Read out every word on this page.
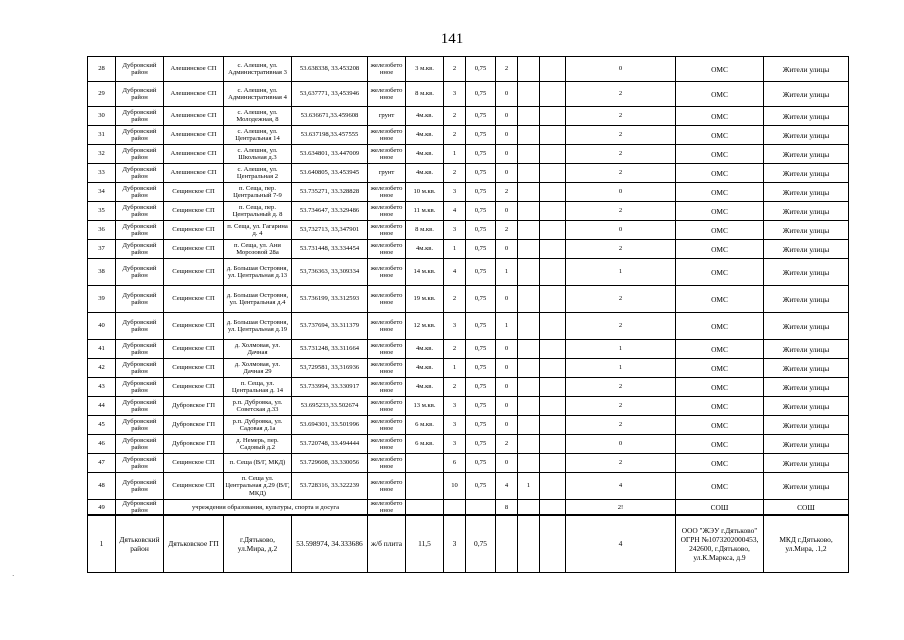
141
28	Дубровский район	Алешинское СП	с. Алешня, ул. Административная 3	53.638338, 33.453208	железобетонное	3 м.кв.	2	0,75	2			0	ОМС	Жители улицы
29	Дубровский район	Алешинское СП	с. Алешня, ул. Административная 4	53,637771, 33,453946	железобетонное	8 м.кв.	3	0,75	0			2	ОМС	Жители улицы
30	Дубровский район	Алешинское СП	с. Алешня, ул. Молодежная, 8	53.636671,33.459608	грунт	4м.кв.	2	0,75	0			2	ОМС	Жители улицы
31	Дубровский район	Алешинское СП	с. Алешня, ул. Центральная 14	53.637198,33.457555	железобетонное	4м.кв.	2	0,75	0			2	ОМС	Жители улицы
32	Дубровский район	Алешинское СП	с. Алешня, ул. Школьная д.3	53.634801, 33.447009	железобетонное	4м.кв.	1	0,75	0			2	ОМС	Жители улицы
33	Дубровский район	Алешинское СП	с. Алешня, ул. Центральная 2	53.640805, 33.453945	грунт	4м.кв.	2	0,75	0			2	ОМС	Жители улицы
34	Дубровский район	Сещинское СП	п. Сеща, пер. Центральный 7-9	53.735271, 33.328828	железобетонное	10 м.кв.	3	0,75	2			0	ОМС	Жители улицы
35	Дубровский район	Сещинское СП	п. Сеща, пер. Центральный д. 8	53.734647, 33.329486	железобетонное	11 м.кв.	4	0,75	0			2	ОМС	Жители улицы
36	Дубровский район	Сещинское СП	п. Сеща, ул. Гагарина д. 4	53,732713, 33,347901	железобетонное	8 м.кв.	3	0,75	2			0	ОМС	Жители улицы
37	Дубровский район	Сещинское СП	п. Сеща, ул. Ани Морозовой 28а	53.731448, 33.334454	железобетонное	4м.кв.	1	0,75	0			2	ОМС	Жители улицы
38	Дубровский район	Сещинское СП	д. Большая Островня, ул. Центральная д.13	53,736363, 33,309334	железобетонное	14 м.кв.	4	0,75	1			1	ОМС	Жители улицы
39	Дубровский район	Сещинское СП	д. Большая Островня, ул. Центральная д.4	53.736199, 33.312593	железобетонное	19 м.кв.	2	0,75	0			2	ОМС	Жители улицы
40	Дубровский район	Сещинское СП	д. Большая Островня, ул. Центральная д.19	53.737694, 33.311379	железобетонное	12 м.кв.	3	0,75	1			2	ОМС	Жители улицы
41	Дубровский район	Сещинское СП	д. Холмовая, ул. Дачная	53.731248, 33.311664	железобетонное	4м.кв.	2	0,75	0			1	ОМС	Жители улицы
42	Дубровский район	Сещинское СП	д. Холмовая, ул. Дачная 29	53,729581, 33,316936	железобетонное	4м.кв.	1	0,75	0			1	ОМС	Жители улицы
43	Дубровский район	Сещинское СП	п. Сеща, ул. Центральная д. 14	53.733994, 33.330917	железобетонное	4м.кв.	2	0,75	0			2	ОМС	Жители улицы
44	Дубровский район	Дубровское ГП	р.п. Дубровка, ул. Советская д.33	53.695233,33.502674	железобетонное	13 м.кв.	3	0,75	0			2	ОМС	Жители улицы
45	Дубровский район	Дубровское ГП	р.п. Дубровка, ул. Садовая д.1а	53.694301, 33.501996	железобетонное	6 м.кв.	3	0,75	0			2	ОМС	Жители улицы
46	Дубровский район	Дубровское ГП	д. Немерь, пер. Садовый д.2	53.720748, 33.494444	железобетонное	6 м.кв.	3	0,75	2			0	ОМС	Жители улицы
47	Дубровский район	Сещинское СП	п. Сеща (В/Г, МКД)	53.729608, 33.330056	железобетонное		6	0,75	0			2	ОМС	Жители улицы
48	Дубровский район	Сещинское СП	п. Сеща ул. Центральная д.29 (В/Г, МКД)	53.728316, 33.322239	железобетонное		10	0,75	4	1		4	ОМС	Жители улицы
49	Дубровский район	учреждения образования, культуры, спорта и досуга			железобетонное				8			2!	СОШ	СОШ
1	Дятьковский район	Дятьковское ГП	г.Дятьково, ул.Мира, д.2	53.598974, 34.333686	ж/б плита	11,5	3	0,75				4	ООО "ЖЭУ г.Дятьково" ОГРН №1073202000453, 242600, г.Дятьково, ул.К.Маркса, д.9	МКД г.Дятьково, ул.Мира, .1,2
·
